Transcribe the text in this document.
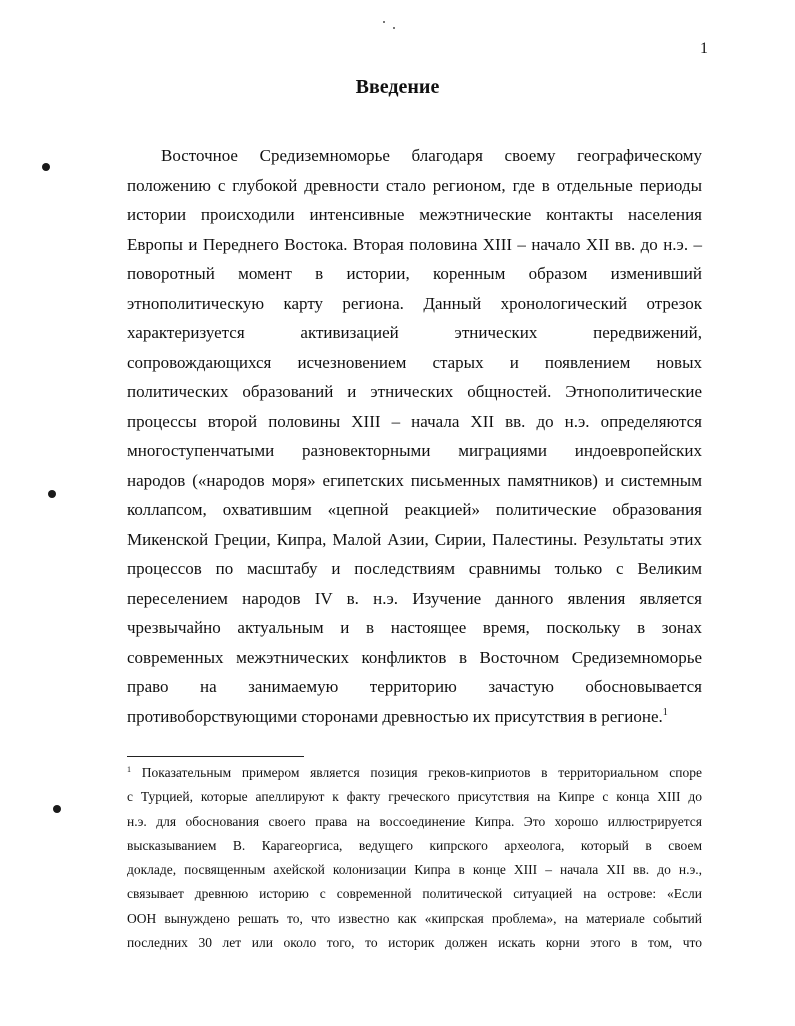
1
Введение
Восточное Средиземноморье благодаря своему географическому
положению с глубокой древности стало регионом, где в отдельные периоды
истории происходили интенсивные межэтнические контакты населения
Европы и Переднего Востока. Вторая половина XIII – начало XII вв. до н.э. –
поворотный момент в истории, коренным образом изменивший
этнополитическую карту региона. Данный хронологический отрезок
характеризуется активизацией этнических передвижений,
сопровождающихся исчезновением старых и появлением новых
политических образований и этнических общностей. Этнополитические
процессы второй половины XIII – начала XII вв. до н.э. определяются
многоступенчатыми разновекторными миграциями индоевропейских
народов («народов моря» египетских письменных памятников) и системным
коллапсом, охватившим «цепной реакцией» политические образования
Микенской Греции, Кипра, Малой Азии, Сирии, Палестины. Результаты этих
процессов по масштабу и последствиям сравнимы только с Великим
переселением народов IV в. н.э. Изучение данного явления является
чрезвычайно актуальным и в настоящее время, поскольку в зонах
современных межэтнических конфликтов в Восточном Средиземноморье
право на занимаемую территорию зачастую обосновывается
противоборствующими сторонами древностью их присутствия в регионе.$^1$
$^1$ Показательным примером является позиция греков-киприотов в территориальном споре
с Турцией, которые апеллируют к факту греческого присутствия на Кипре с конца XIII до
н.э. для обоснования своего права на воссоединение Кипра. Это хорошо иллюстрируется
высказыванием В. Карагеоргиса, ведущего кипрского археолога, который в своем
докладе, посвященным ахейской колонизации Кипра в конце XIII – начала XII вв. до н.э.,
связывает древнюю историю с современной политической ситуацией на острове: «Если
ООН вынуждено решать то, что известно как «кипрская проблема», на материале событий
последних 30 лет или около того, то историк должен искать корни этого в том, что
